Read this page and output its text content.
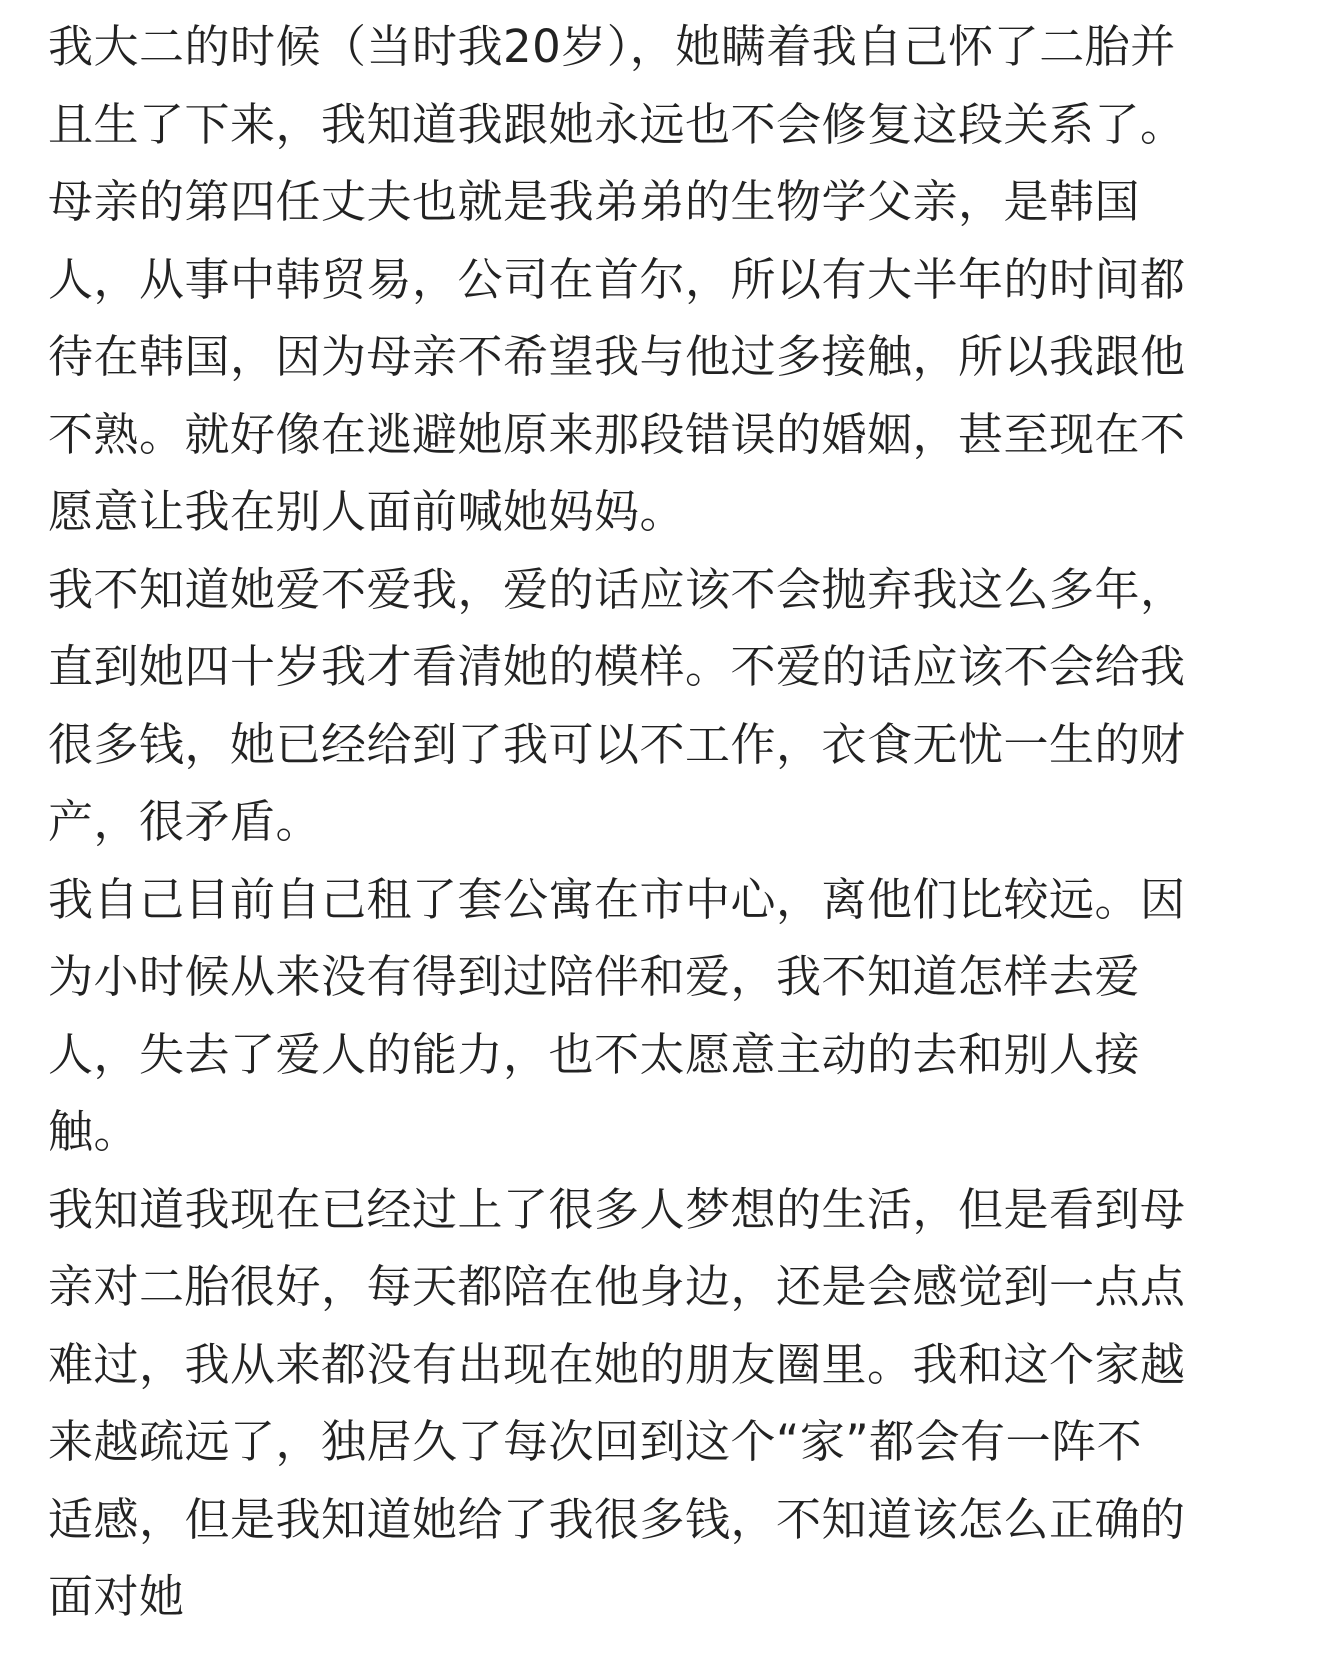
我大二的时候（当时我20岁），她瞒着我自己怀了二胎并
且生了下来，我知道我跟她永远也不会修复这段关系了。
母亲的第四任丈夫也就是我弟弟的生物学父亲，是韩国
人，从事中韩贸易，公司在首尔，所以有大半年的时间都
待在韩国，因为母亲不希望我与他过多接触，所以我跟他
不熟。就好像在逃避她原来那段错误的婚姻，甚至现在不
愿意让我在别人面前喊她妈妈。
我不知道她爱不爱我，爱的话应该不会抛弃我这么多年，
直到她四十岁我才看清她的模样。不爱的话应该不会给我
很多钱，她已经给到了我可以不工作，衣食无忧一生的财
产，很矛盾。
我自己目前自己租了套公寓在市中心，离他们比较远。因
为小时候从来没有得到过陪伴和爱，我不知道怎样去爱
人，失去了爱人的能力，也不太愿意主动的去和别人接
触。
我知道我现在已经过上了很多人梦想的生活，但是看到母
亲对二胎很好，每天都陪在他身边，还是会感觉到一点点
难过，我从来都没有出现在她的朋友圈里。我和这个家越
来越疏远了，独居久了每次回到这个“家”都会有一阵不
适感，但是我知道她给了我很多钱，不知道该怎么正确的
面对她
